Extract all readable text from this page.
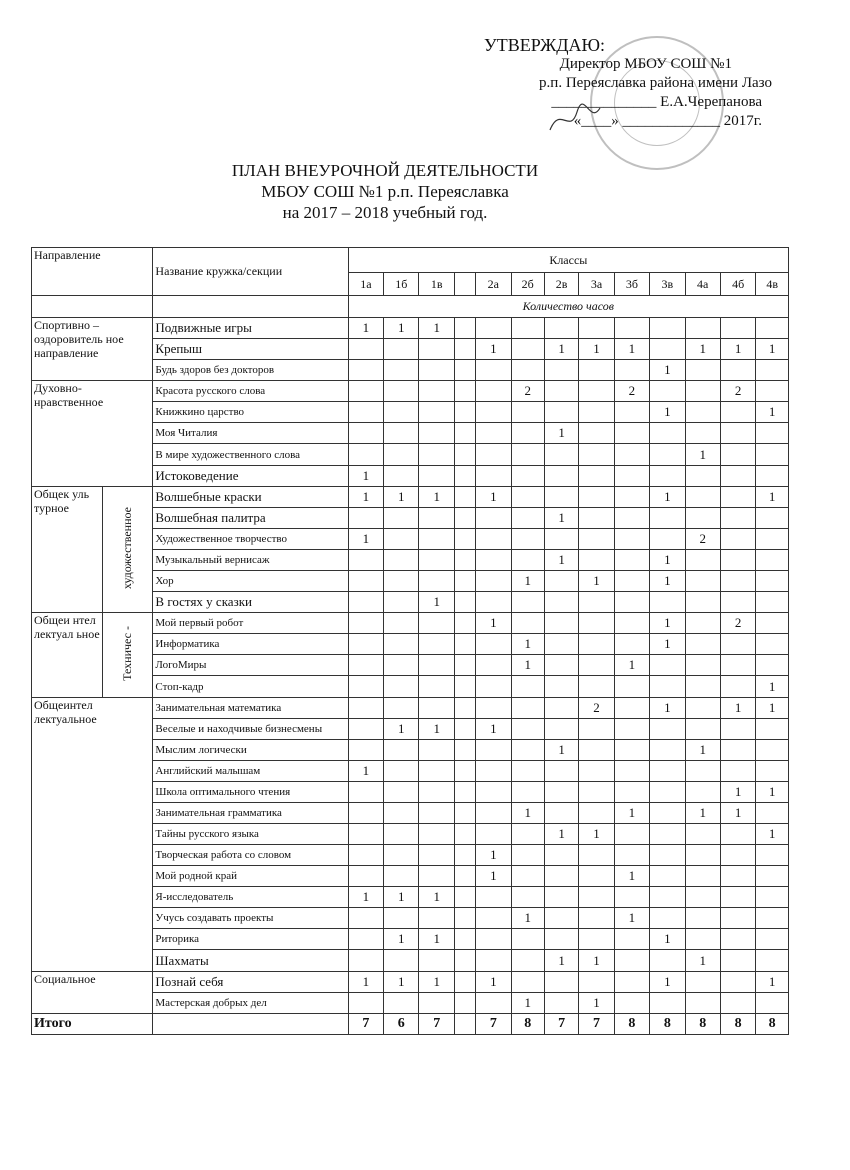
УТВЕРЖДАЮ:
Директор МБОУ СОШ №1
р.п. Переяславка района имени Лазо
______________ Е.А.Черепанова
«____» _____________ 2017г.
ПЛАН ВНЕУРОЧНОЙ ДЕЯТЕЛЬНОСТИ
МБОУ СОШ №1 р.п. Переяславка
на 2017 – 2018 учебный год.
Направление		Название кружка/секции	Классы												
			1а	1б	1в		2а	2б	2в	3а	3б	3в	4а	4б	4в
			Количество часов												
Спортивно – оздоровитель ное направление		Подвижные игры	1	1	1										
		Крепыш					1		1	1	1		1	1	1
		Будь здоров без докторов										1			
Духовно-нравственное		Красота русского слова						2			2			2	
		Книжкино царство										1			1
		Моя Читалия							1						
		В мире художественного слова											1		
		Истоковедение	1												
Общек уль турное	художественное	Волшебные краски	1	1	1		1					1			1
		Волшебная палитра							1						
		Художественное творчество	1										2		
		Музыкальный вернисаж							1			1			
		Хор						1		1		1			
		В гостях у сказки			1										
Общеи нтел лектуал ьное	Техничес -	Мой первый робот					1					1		2	
		Информатика						1				1			
		ЛогоМиры						1			1				
		Стоп-кадр													1
Общеинтел лектуальное		Занимательная математика								2		1		1	1
		Веселые и находчивые бизнесмены		1	1		1								
		Мыслим логически							1				1		
		Английский малышам	1												
		Школа оптимального чтения												1	1
		Занимательная грамматика						1			1		1	1	
		Тайны русского языка							1	1					1
		Творческая работа со словом					1								
		Мой родной край					1				1				
		Я-исследователь	1	1	1										
		Учусь создавать проекты						1			1				
		Риторика		1	1							1			
		Шахматы							1	1			1		
Социальное		Познай себя	1	1	1		1					1			1
		Мастерская добрых дел						1		1					
Итого			7	6	7		7	8	7	7	8	8	8	8	8
